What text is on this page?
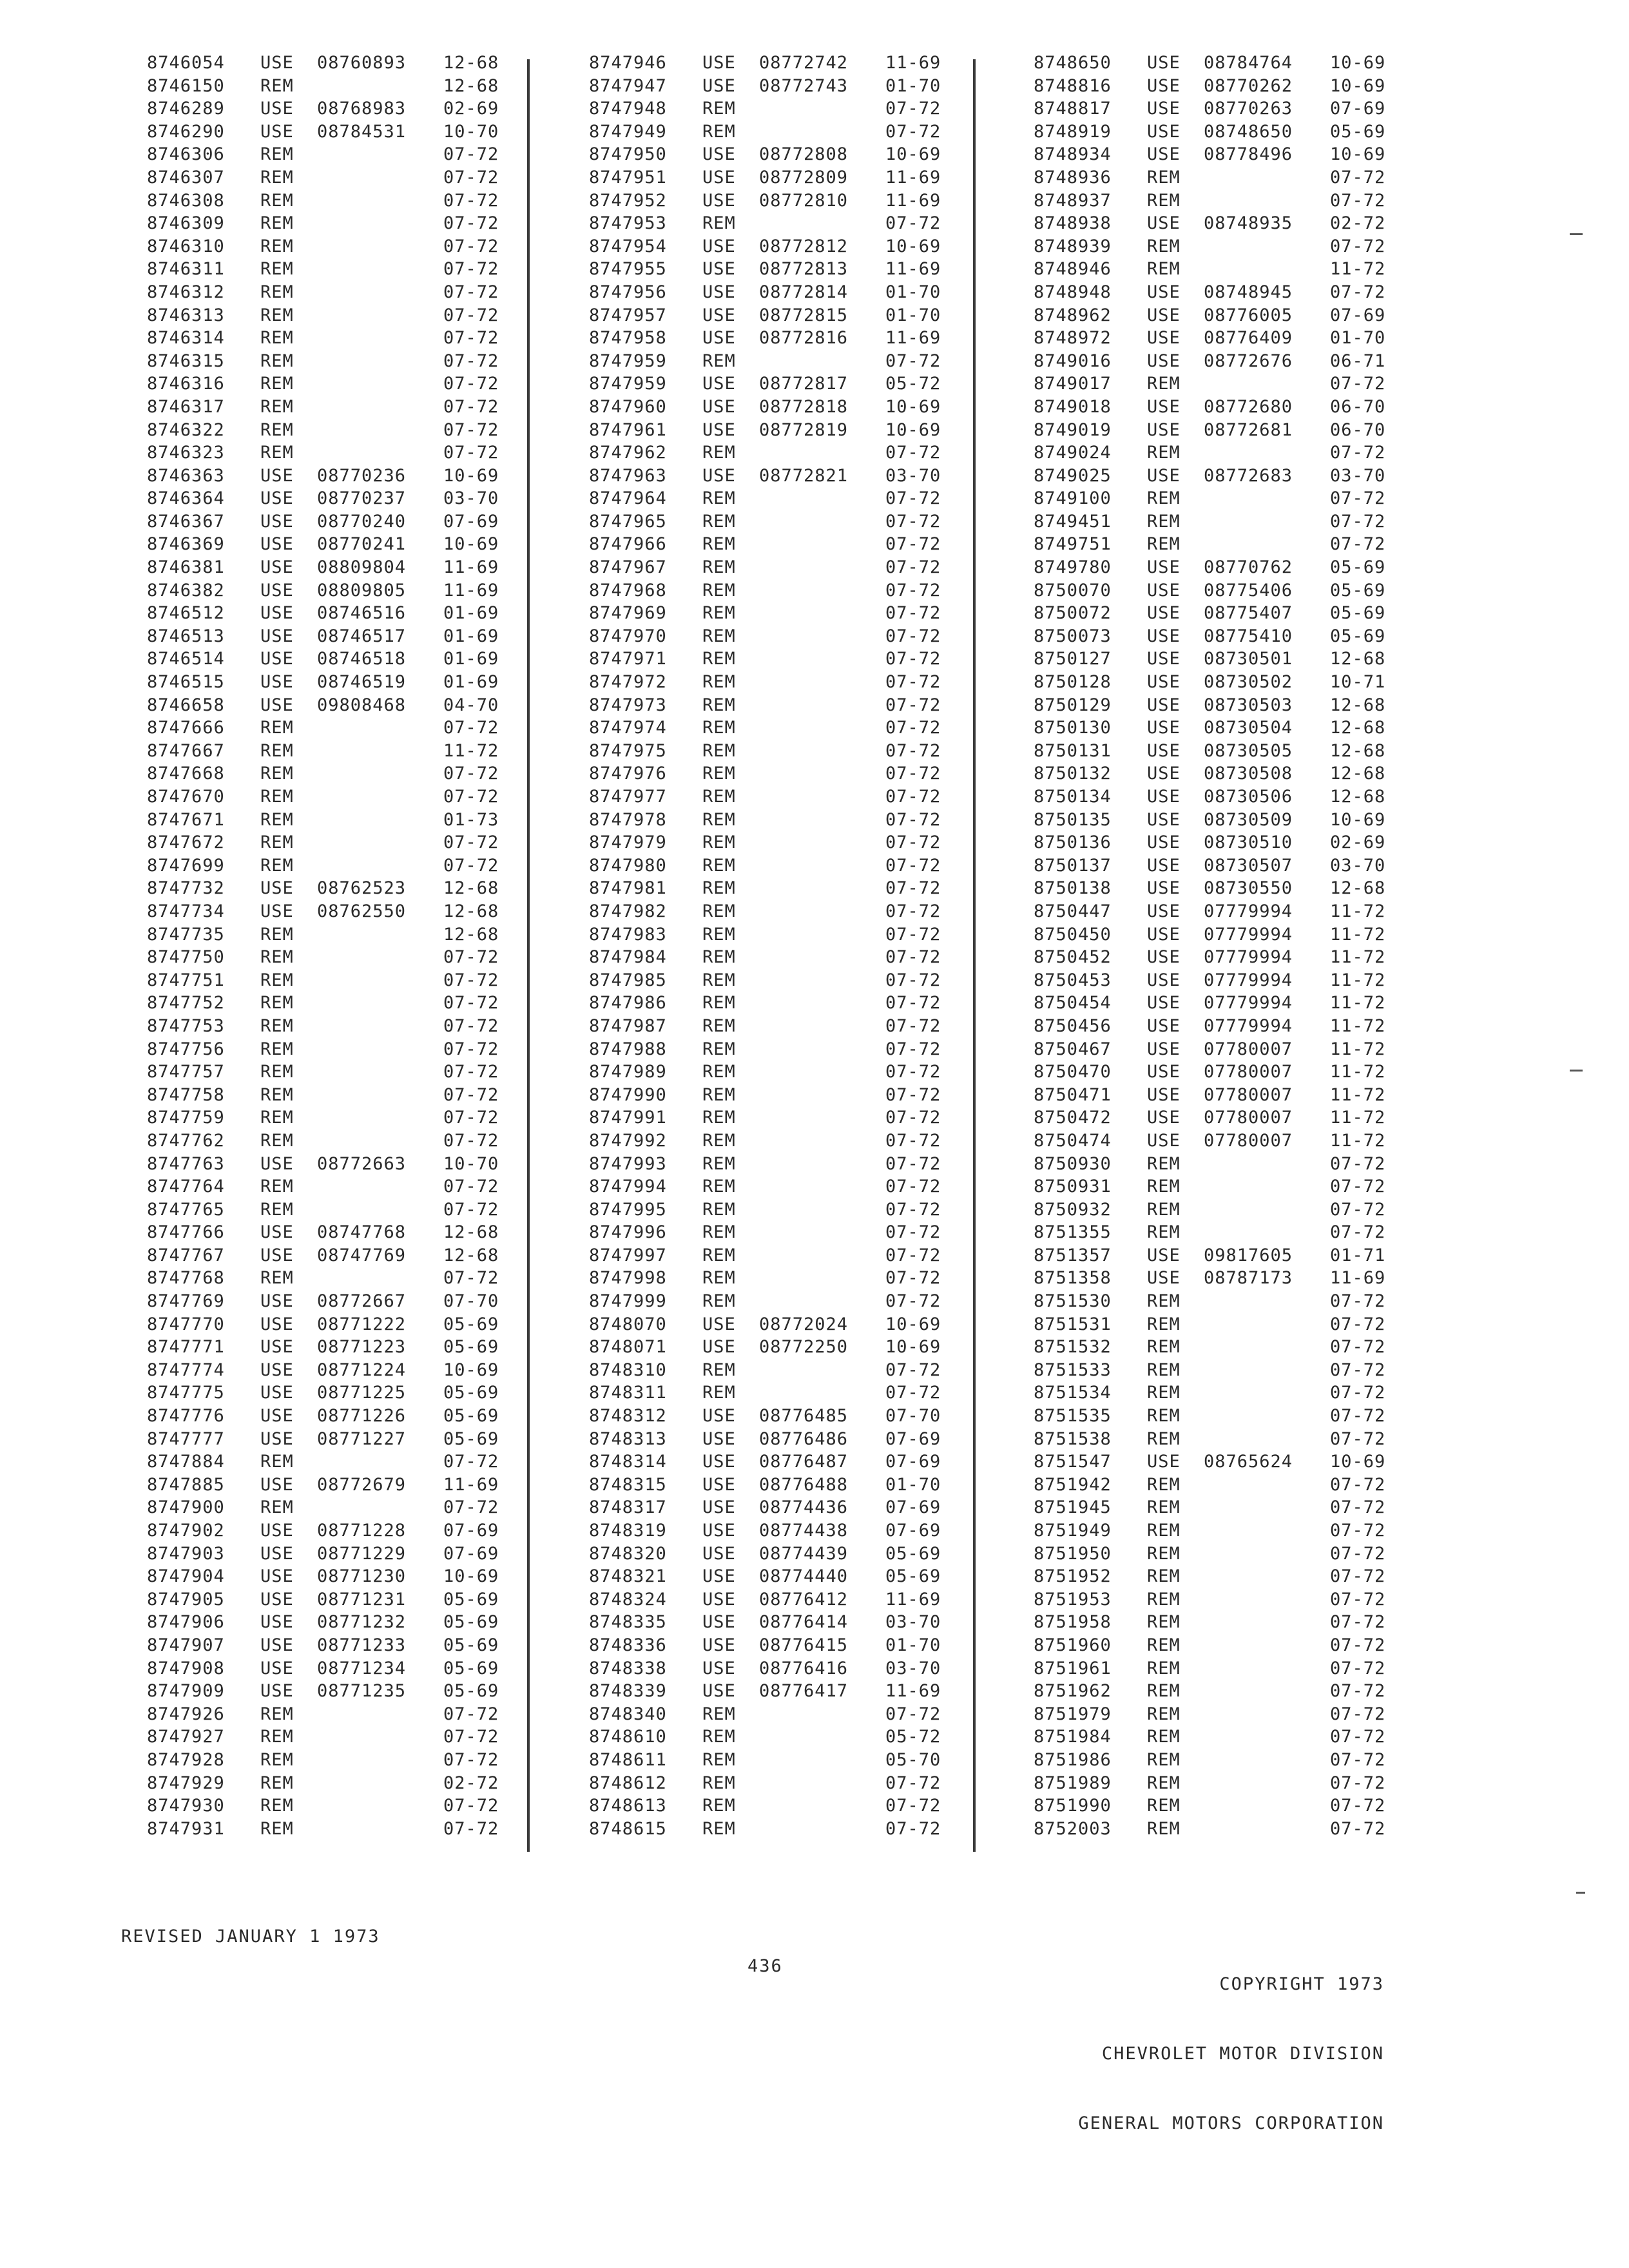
8746054	USE	08760893	12-68
8746150	REM	12-68
8746289	USE	08768983	02-69
8746290	USE	08784531	10-70
8746306	REM	07-72
8746307	REM	07-72
8746308	REM	07-72
8746309	REM	07-72
8746310	REM	07-72
8746311	REM	07-72
8746312	REM	07-72
8746313	REM	07-72
8746314	REM	07-72
8746315	REM	07-72
8746316	REM	07-72
8746317	REM	07-72
8746322	REM	07-72
8746323	REM	07-72
8746363	USE	08770236	10-69
8746364	USE	08770237	03-70
8746367	USE	08770240	07-69
8746369	USE	08770241	10-69
8746381	USE	08809804	11-69
8746382	USE	08809805	11-69
8746512	USE	08746516	01-69
8746513	USE	08746517	01-69
8746514	USE	08746518	01-69
8746515	USE	08746519	01-69
8746658	USE	09808468	04-70
8747666	REM	07-72
8747667	REM	11-72
8747668	REM	07-72
8747670	REM	07-72
8747671	REM	01-73
8747672	REM	07-72
8747699	REM	07-72
8747732	USE	08762523	12-68
8747734	USE	08762550	12-68
8747735	REM	12-68
8747750	REM	07-72
8747751	REM	07-72
8747752	REM	07-72
8747753	REM	07-72
8747756	REM	07-72
8747757	REM	07-72
8747758	REM	07-72
8747759	REM	07-72
8747762	REM	07-72
8747763	USE	08772663	10-70
8747764	REM	07-72
8747765	REM	07-72
8747766	USE	08747768	12-68
8747767	USE	08747769	12-68
8747768	REM	07-72
8747769	USE	08772667	07-70
8747770	USE	08771222	05-69
8747771	USE	08771223	05-69
8747774	USE	08771224	10-69
8747775	USE	08771225	05-69
8747776	USE	08771226	05-69
8747777	USE	08771227	05-69
8747884	REM	07-72
8747885	USE	08772679	11-69
8747900	REM	07-72
8747902	USE	08771228	07-69
8747903	USE	08771229	07-69
8747904	USE	08771230	10-69
8747905	USE	08771231	05-69
8747906	USE	08771232	05-69
8747907	USE	08771233	05-69
8747908	USE	08771234	05-69
8747909	USE	08771235	05-69
8747926	REM	07-72
8747927	REM	07-72
8747928	REM	07-72
8747929	REM	02-72
8747930	REM	07-72
8747931	REM	07-72
8747946	USE	08772742	11-69
8747947	USE	08772743	01-70
8747948	REM	07-72
8747949	REM	07-72
8747950	USE	08772808	10-69
8747951	USE	08772809	11-69
8747952	USE	08772810	11-69
8747953	REM	07-72
8747954	USE	08772812	10-69
8747955	USE	08772813	11-69
8747956	USE	08772814	01-70
8747957	USE	08772815	01-70
8747958	USE	08772816	11-69
8747959	REM	07-72
8747959	USE	08772817	05-72
8747960	USE	08772818	10-69
8747961	USE	08772819	10-69
8747962	REM	07-72
8747963	USE	08772821	03-70
8747964	REM	07-72
8747965	REM	07-72
8747966	REM	07-72
8747967	REM	07-72
8747968	REM	07-72
8747969	REM	07-72
8747970	REM	07-72
8747971	REM	07-72
8747972	REM	07-72
8747973	REM	07-72
8747974	REM	07-72
8747975	REM	07-72
8747976	REM	07-72
8747977	REM	07-72
8747978	REM	07-72
8747979	REM	07-72
8747980	REM	07-72
8747981	REM	07-72
8747982	REM	07-72
8747983	REM	07-72
8747984	REM	07-72
8747985	REM	07-72
8747986	REM	07-72
8747987	REM	07-72
8747988	REM	07-72
8747989	REM	07-72
8747990	REM	07-72
8747991	REM	07-72
8747992	REM	07-72
8747993	REM	07-72
8747994	REM	07-72
8747995	REM	07-72
8747996	REM	07-72
8747997	REM	07-72
8747998	REM	07-72
8747999	REM	07-72
8748070	USE	08772024	10-69
8748071	USE	08772250	10-69
8748310	REM	07-72
8748311	REM	07-72
8748312	USE	08776485	07-70
8748313	USE	08776486	07-69
8748314	USE	08776487	07-69
8748315	USE	08776488	01-70
8748317	USE	08774436	07-69
8748319	USE	08774438	07-69
8748320	USE	08774439	05-69
8748321	USE	08774440	05-69
8748324	USE	08776412	11-69
8748335	USE	08776414	03-70
8748336	USE	08776415	01-70
8748338	USE	08776416	03-70
8748339	USE	08776417	11-69
8748340	REM	07-72
8748610	REM	05-72
8748611	REM	05-70
8748612	REM	07-72
8748613	REM	07-72
8748615	REM	07-72
8748650	USE	08784764	10-69
8748816	USE	08770262	10-69
8748817	USE	08770263	07-69
8748919	USE	08748650	05-69
8748934	USE	08778496	10-69
8748936	REM	07-72
8748937	REM	07-72
8748938	USE	08748935	02-72
8748939	REM	07-72
8748946	REM	11-72
8748948	USE	08748945	07-72
8748962	USE	08776005	07-69
8748972	USE	08776409	01-70
8749016	USE	08772676	06-71
8749017	REM	07-72
8749018	USE	08772680	06-70
8749019	USE	08772681	06-70
8749024	REM	07-72
8749025	USE	08772683	03-70
8749100	REM	07-72
8749451	REM	07-72
8749751	REM	07-72
8749780	USE	08770762	05-69
8750070	USE	08775406	05-69
8750072	USE	08775407	05-69
8750073	USE	08775410	05-69
8750127	USE	08730501	12-68
8750128	USE	08730502	10-71
8750129	USE	08730503	12-68
8750130	USE	08730504	12-68
8750131	USE	08730505	12-68
8750132	USE	08730508	12-68
8750134	USE	08730506	12-68
8750135	USE	08730509	10-69
8750136	USE	08730510	02-69
8750137	USE	08730507	03-70
8750138	USE	08730550	12-68
8750447	USE	07779994	11-72
8750450	USE	07779994	11-72
8750452	USE	07779994	11-72
8750453	USE	07779994	11-72
8750454	USE	07779994	11-72
8750456	USE	07779994	11-72
8750467	USE	07780007	11-72
8750470	USE	07780007	11-72
8750471	USE	07780007	11-72
8750472	USE	07780007	11-72
8750474	USE	07780007	11-72
8750930	REM	07-72
8750931	REM	07-72
8750932	REM	07-72
8751355	REM	07-72
8751357	USE	09817605	01-71
8751358	USE	08787173	11-69
8751530	REM	07-72
8751531	REM	07-72
8751532	REM	07-72
8751533	REM	07-72
8751534	REM	07-72
8751535	REM	07-72
8751538	REM	07-72
8751547	USE	08765624	10-69
8751942	REM	07-72
8751945	REM	07-72
8751949	REM	07-72
8751950	REM	07-72
8751952	REM	07-72
8751953	REM	07-72
8751958	REM	07-72
8751960	REM	07-72
8751961	REM	07-72
8751962	REM	07-72
8751979	REM	07-72
8751984	REM	07-72
8751986	REM	07-72
8751989	REM	07-72
8751990	REM	07-72
8752003	REM	07-72
REVISED JANUARY 1 1973
436

COPYRIGHT 1973

CHEVROLET MOTOR DIVISION

GENERAL MOTORS CORPORATION
